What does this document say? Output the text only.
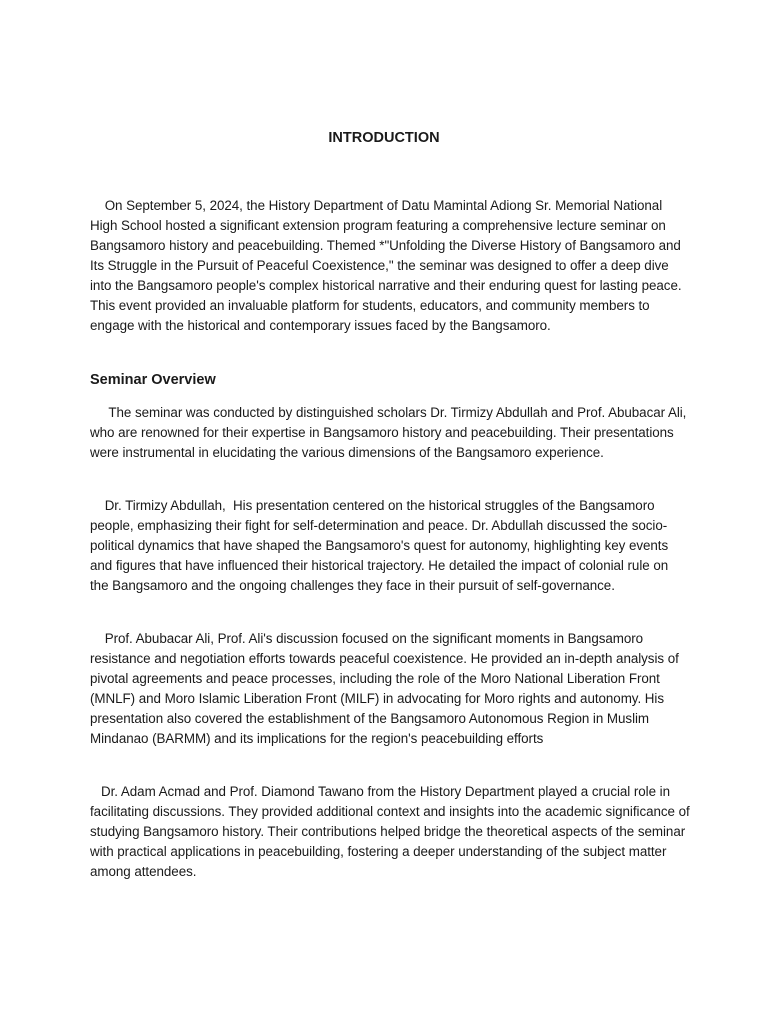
INTRODUCTION

On September 5, 2024, the History Department of Datu Mamintal Adiong Sr. Memorial National High School hosted a significant extension program featuring a comprehensive lecture seminar on Bangsamoro history and peacebuilding. Themed *"Unfolding the Diverse History of Bangsamoro and Its Struggle in the Pursuit of Peaceful Coexistence," the seminar was designed to offer a deep dive into the Bangsamoro people's complex historical narrative and their enduring quest for lasting peace. This event provided an invaluable platform for students, educators, and community members to engage with the historical and contemporary issues faced by the Bangsamoro.

Seminar Overview

The seminar was conducted by distinguished scholars Dr. Tirmizy Abdullah and Prof. Abubacar Ali, who are renowned for their expertise in Bangsamoro history and peacebuilding. Their presentations were instrumental in elucidating the various dimensions of the Bangsamoro experience.

Dr. Tirmizy Abdullah,  His presentation centered on the historical struggles of the Bangsamoro people, emphasizing their fight for self-determination and peace. Dr. Abdullah discussed the socio-political dynamics that have shaped the Bangsamoro's quest for autonomy, highlighting key events and figures that have influenced their historical trajectory. He detailed the impact of colonial rule on the Bangsamoro and the ongoing challenges they face in their pursuit of self-governance.

Prof. Abubacar Ali, Prof. Ali's discussion focused on the significant moments in Bangsamoro resistance and negotiation efforts towards peaceful coexistence. He provided an in-depth analysis of pivotal agreements and peace processes, including the role of the Moro National Liberation Front (MNLF) and Moro Islamic Liberation Front (MILF) in advocating for Moro rights and autonomy. His presentation also covered the establishment of the Bangsamoro Autonomous Region in Muslim Mindanao (BARMM) and its implications for the region's peacebuilding efforts

Dr. Adam Acmad and Prof. Diamond Tawano from the History Department played a crucial role in facilitating discussions. They provided additional context and insights into the academic significance of studying Bangsamoro history. Their contributions helped bridge the theoretical aspects of the seminar with practical applications in peacebuilding, fostering a deeper understanding of the subject matter among attendees.
